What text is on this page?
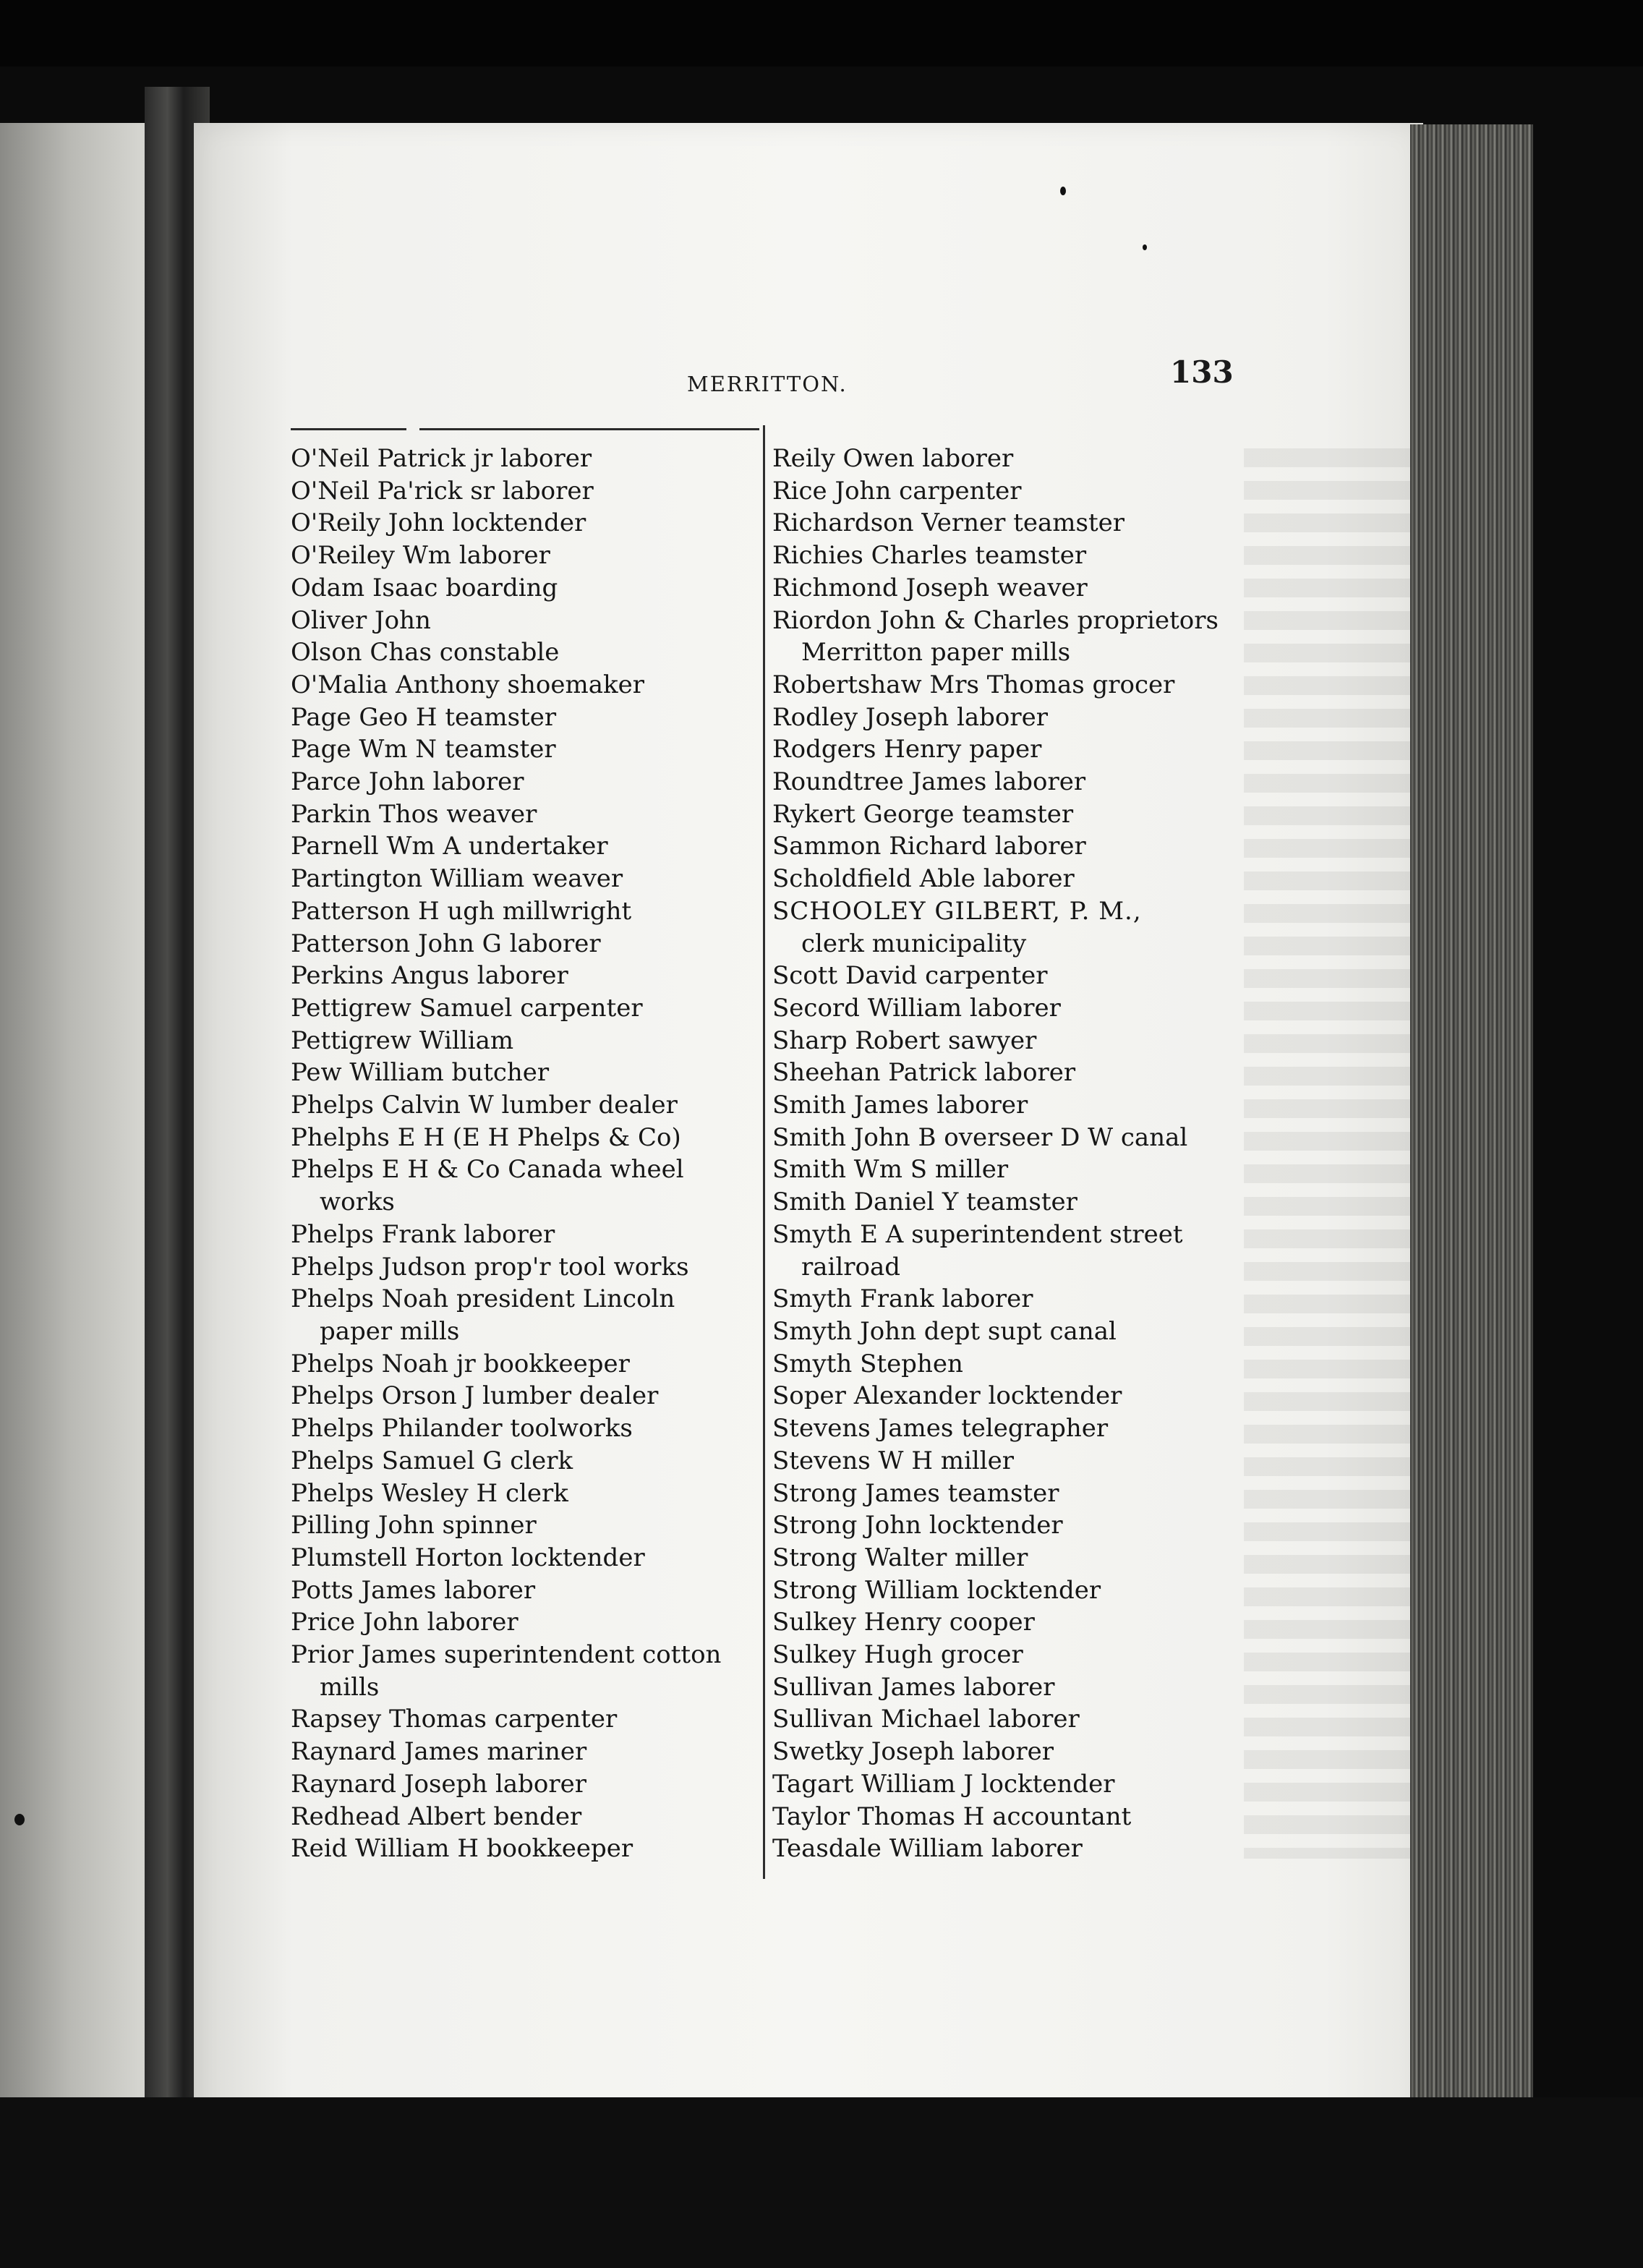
MERRITTON.	133
O'Neil Patrick jr laborer
O'Neil Pa'rick sr laborer
O'Reily John locktender
O'Reiley Wm laborer
Odam Isaac boarding
Oliver John
Olson Chas constable
O'Malia Anthony shoemaker
Page Geo H teamster
Page Wm N teamster
Parce John laborer
Parkin Thos weaver
Parnell Wm A undertaker
Partington William weaver
Patterson H ugh millwright
Patterson John G laborer
Perkins Angus laborer
Pettigrew Samuel carpenter
Pettigrew William
Pew William butcher
Phelps Calvin W lumber dealer
Phelphs E H (E H Phelps & Co)
Phelps E H & Co Canada wheel
works
Phelps Frank laborer
Phelps Judson prop'r tool works
Phelps Noah president Lincoln
paper mills
Phelps Noah jr bookkeeper
Phelps Orson J lumber dealer
Phelps Philander toolworks
Phelps Samuel G clerk
Phelps Wesley H clerk
Pilling John spinner
Plumstell Horton locktender
Potts James laborer
Price John laborer
Prior James superintendent cotton
mills
Rapsey Thomas carpenter
Raynard James mariner
Raynard Joseph laborer
Redhead Albert bender
Reid William H bookkeeper
Reily Owen laborer
Rice John carpenter
Richardson Verner teamster
Richies Charles teamster
Richmond Joseph weaver
Riordon John & Charles proprietors
Merritton paper mills
Robertshaw Mrs Thomas grocer
Rodley Joseph laborer
Rodgers Henry paper
Roundtree James laborer
Rykert George teamster
Sammon Richard laborer
Scholdfield Able laborer
SCHOOLEY GILBERT, P. M.,
clerk municipality
Scott David carpenter
Secord William laborer
Sharp Robert sawyer
Sheehan Patrick laborer
Smith James laborer
Smith John B overseer D W canal
Smith Wm S miller
Smith Daniel Y teamster
Smyth E A superintendent street
railroad
Smyth Frank laborer
Smyth John dept supt canal
Smyth Stephen
Soper Alexander locktender
Stevens James telegrapher
Stevens W H miller
Strong James teamster
Strong John locktender
Strong Walter miller
Strong William locktender
Sulkey Henry cooper
Sulkey Hugh grocer
Sullivan James laborer
Sullivan Michael laborer
Swetky Joseph laborer
Tagart William J locktender
Taylor Thomas H accountant
Teasdale William laborer
